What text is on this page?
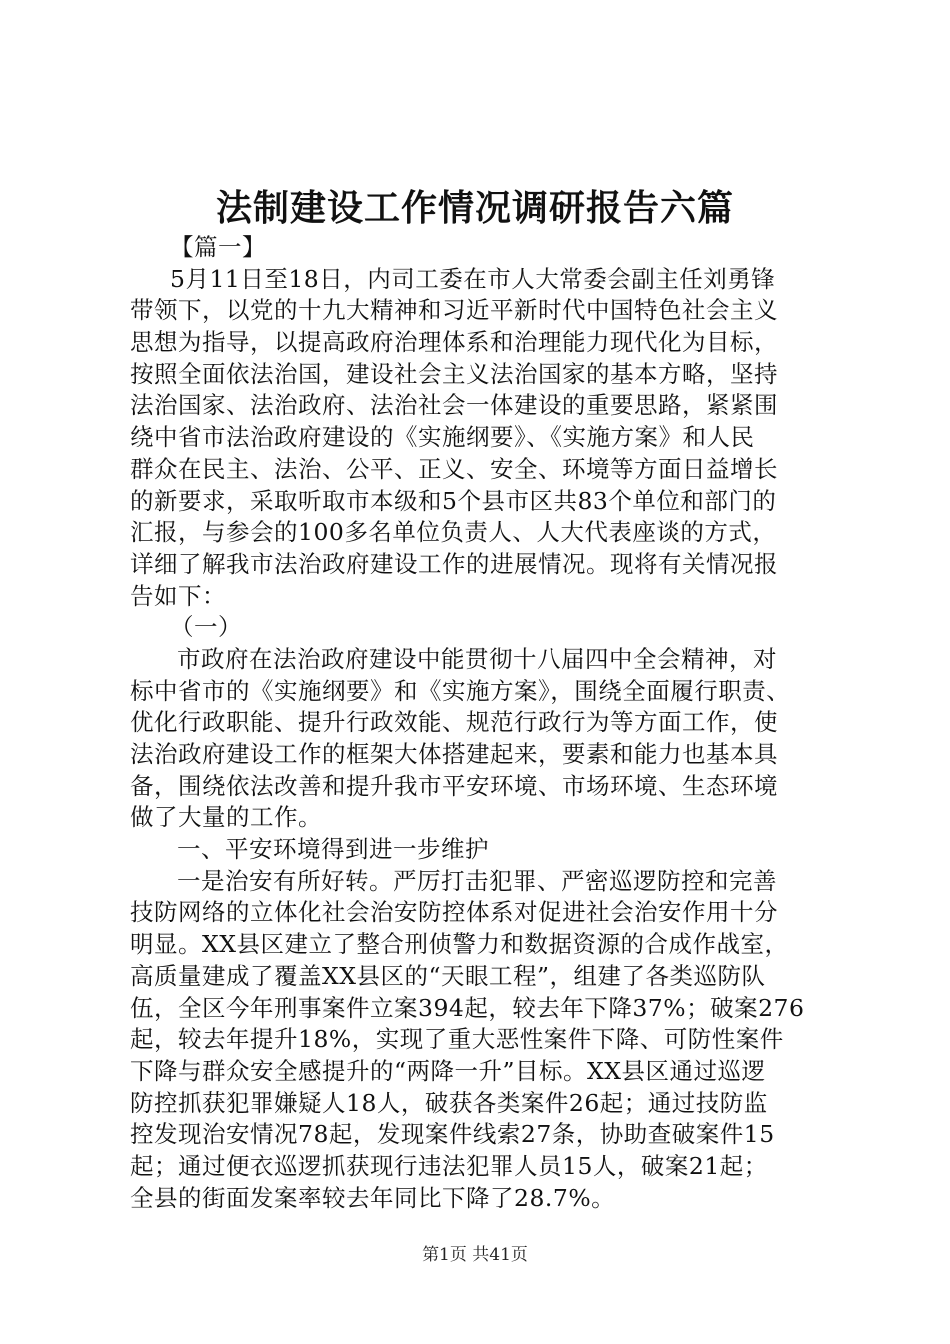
法制建设工作情况调研报告六篇
【篇一】
5月11日至18日，内司工委在市人大常委会副主任刘勇锋
带领下，以党的十九大精神和习近平新时代中国特色社会主义
思想为指导，以提高政府治理体系和治理能力现代化为目标，
按照全面依法治国，建设社会主义法治国家的基本方略，坚持
法治国家、法治政府、法治社会一体建设的重要思路，紧紧围
绕中省市法治政府建设的《实施纲要》、《实施方案》和人民
群众在民主、法治、公平、正义、安全、环境等方面日益增长
的新要求，采取听取市本级和5个县市区共83个单位和部门的
汇报，与参会的100多名单位负责人、人大代表座谈的方式，
详细了解我市法治政府建设工作的进展情况。现将有关情况报
告如下：
（一）
市政府在法治政府建设中能贯彻十八届四中全会精神，对
标中省市的《实施纲要》和《实施方案》，围绕全面履行职责、
优化行政职能、提升行政效能、规范行政行为等方面工作，使
法治政府建设工作的框架大体搭建起来，要素和能力也基本具
备，围绕依法改善和提升我市平安环境、市场环境、生态环境
做了大量的工作。
一、平安环境得到进一步维护
一是治安有所好转。严厉打击犯罪、严密巡逻防控和完善
技防网络的立体化社会治安防控体系对促进社会治安作用十分
明显。XX县区建立了整合刑侦警力和数据资源的合成作战室，
高质量建成了覆盖XX县区的“天眼工程”，组建了各类巡防队
伍，全区今年刑事案件立案394起，较去年下降37%；破案276
起，较去年提升18%，实现了重大恶性案件下降、可防性案件
下降与群众安全感提升的“两降一升”目标。XX县区通过巡逻
防控抓获犯罪嫌疑人18人，破获各类案件26起；通过技防监
控发现治安情况78起，发现案件线索27条，协助查破案件15
起；通过便衣巡逻抓获现行违法犯罪人员15人，破案21起；
全县的街面发案率较去年同比下降了28.7%。
第1页 共41页
